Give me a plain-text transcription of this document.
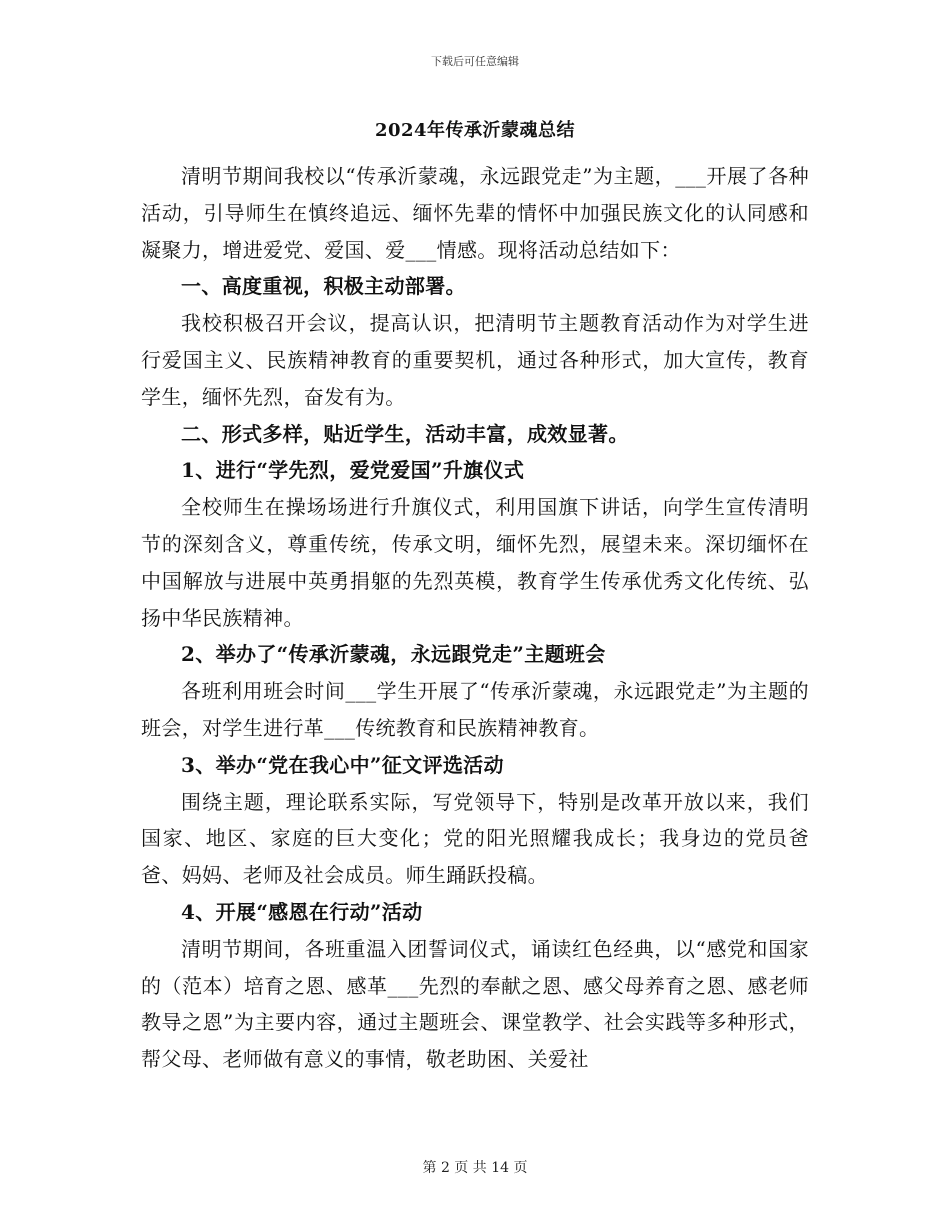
下载后可任意编辑
2024年传承沂蒙魂总结

清明节期间我校以“传承沂蒙魂，永远跟党走”为主题，___开展了各种活动，引导师生在慎终追远、缅怀先辈的情怀中加强民族文化的认同感和凝聚力，增进爱党、爱国、爱___情感。现将活动总结如下：

一、高度重视，积极主动部署。

我校积极召开会议，提高认识，把清明节主题教育活动作为对学生进行爱国主义、民族精神教育的重要契机，通过各种形式，加大宣传，教育学生，缅怀先烈，奋发有为。

二、形式多样，贴近学生，活动丰富，成效显著。

1、进行“学先烈，爱党爱国”升旗仪式

全校师生在操场场进行升旗仪式，利用国旗下讲话，向学生宣传清明节的深刻含义，尊重传统，传承文明，缅怀先烈，展望未来。深切缅怀在中国解放与进展中英勇捐躯的先烈英模，教育学生传承优秀文化传统、弘扬中华民族精神。

2、举办了“传承沂蒙魂，永远跟党走”主题班会

各班利用班会时间___学生开展了“传承沂蒙魂，永远跟党走”为主题的班会，对学生进行革___传统教育和民族精神教育。

3、举办“党在我心中”征文评选活动

围绕主题，理论联系实际，写党领导下，特别是改革开放以来，我们国家、地区、家庭的巨大变化；党的阳光照耀我成长；我身边的党员爸爸、妈妈、老师及社会成员。师生踊跃投稿。

4、开展“感恩在行动”活动

清明节期间，各班重温入团誓词仪式，诵读红色经典，以“感党和国家的（范本）培育之恩、感革___先烈的奉献之恩、感父母养育之恩、感老师教导之恩”为主要内容，通过主题班会、课堂教学、社会实践等多种形式，帮父母、老师做有意义的事情，敬老助困、关爱社

第 2 页 共 14 页
